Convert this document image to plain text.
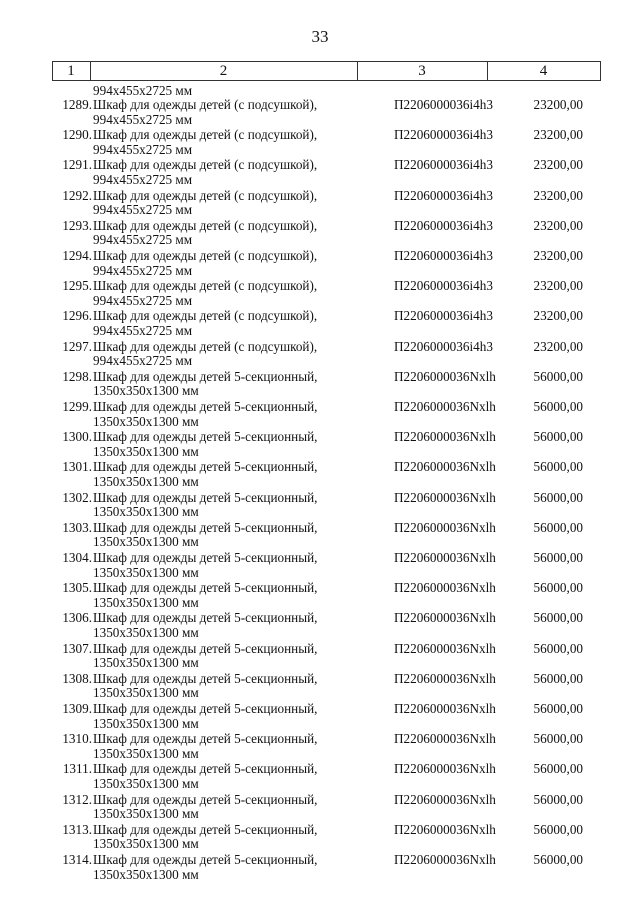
33
1	2	3	4
994x455x2725 мм
1289. Шкаф для одежды детей (с подсушкой),
994x455x2725 мм
П2206000036i4h3	23200,00
1290. Шкаф для одежды детей (с подсушкой),
994x455x2725 мм
П2206000036i4h3	23200,00
1291. Шкаф для одежды детей (с подсушкой),
994x455x2725 мм
П2206000036i4h3	23200,00
1292. Шкаф для одежды детей (с подсушкой),
994x455x2725 мм
П2206000036i4h3	23200,00
1293. Шкаф для одежды детей (с подсушкой),
994x455x2725 мм
П2206000036i4h3	23200,00
1294. Шкаф для одежды детей (с подсушкой),
994x455x2725 мм
П2206000036i4h3	23200,00
1295. Шкаф для одежды детей (с подсушкой),
994x455x2725 мм
П2206000036i4h3	23200,00
1296. Шкаф для одежды детей (с подсушкой),
994x455x2725 мм
П2206000036i4h3	23200,00
1297. Шкаф для одежды детей (с подсушкой),
994x455x2725 мм
П2206000036i4h3	23200,00
1298. Шкаф для одежды детей 5-секционный,
1350x350x1300 мм
П2206000036Nxlh	56000,00
1299. Шкаф для одежды детей 5-секционный,
1350x350x1300 мм
П2206000036Nxlh	56000,00
1300. Шкаф для одежды детей 5-секционный,
1350x350x1300 мм
П2206000036Nxlh	56000,00
1301. Шкаф для одежды детей 5-секционный,
1350x350x1300 мм
П2206000036Nxlh	56000,00
1302. Шкаф для одежды детей 5-секционный,
1350x350x1300 мм
П2206000036Nxlh	56000,00
1303. Шкаф для одежды детей 5-секционный,
1350x350x1300 мм
П2206000036Nxlh	56000,00
1304. Шкаф для одежды детей 5-секционный,
1350x350x1300 мм
П2206000036Nxlh	56000,00
1305. Шкаф для одежды детей 5-секционный,
1350x350x1300 мм
П2206000036Nxlh	56000,00
1306. Шкаф для одежды детей 5-секционный,
1350x350x1300 мм
П2206000036Nxlh	56000,00
1307. Шкаф для одежды детей 5-секционный,
1350x350x1300 мм
П2206000036Nxlh	56000,00
1308. Шкаф для одежды детей 5-секционный,
1350x350x1300 мм
П2206000036Nxlh	56000,00
1309. Шкаф для одежды детей 5-секционный,
1350x350x1300 мм
П2206000036Nxlh	56000,00
1310. Шкаф для одежды детей 5-секционный,
1350x350x1300 мм
П2206000036Nxlh	56000,00
1311. Шкаф для одежды детей 5-секционный,
1350x350x1300 мм
П2206000036Nxlh	56000,00
1312. Шкаф для одежды детей 5-секционный,
1350x350x1300 мм
П2206000036Nxlh	56000,00
1313. Шкаф для одежды детей 5-секционный,
1350x350x1300 мм
П2206000036Nxlh	56000,00
1314. Шкаф для одежды детей 5-секционный,
1350x350x1300 мм
П2206000036Nxlh	56000,00
